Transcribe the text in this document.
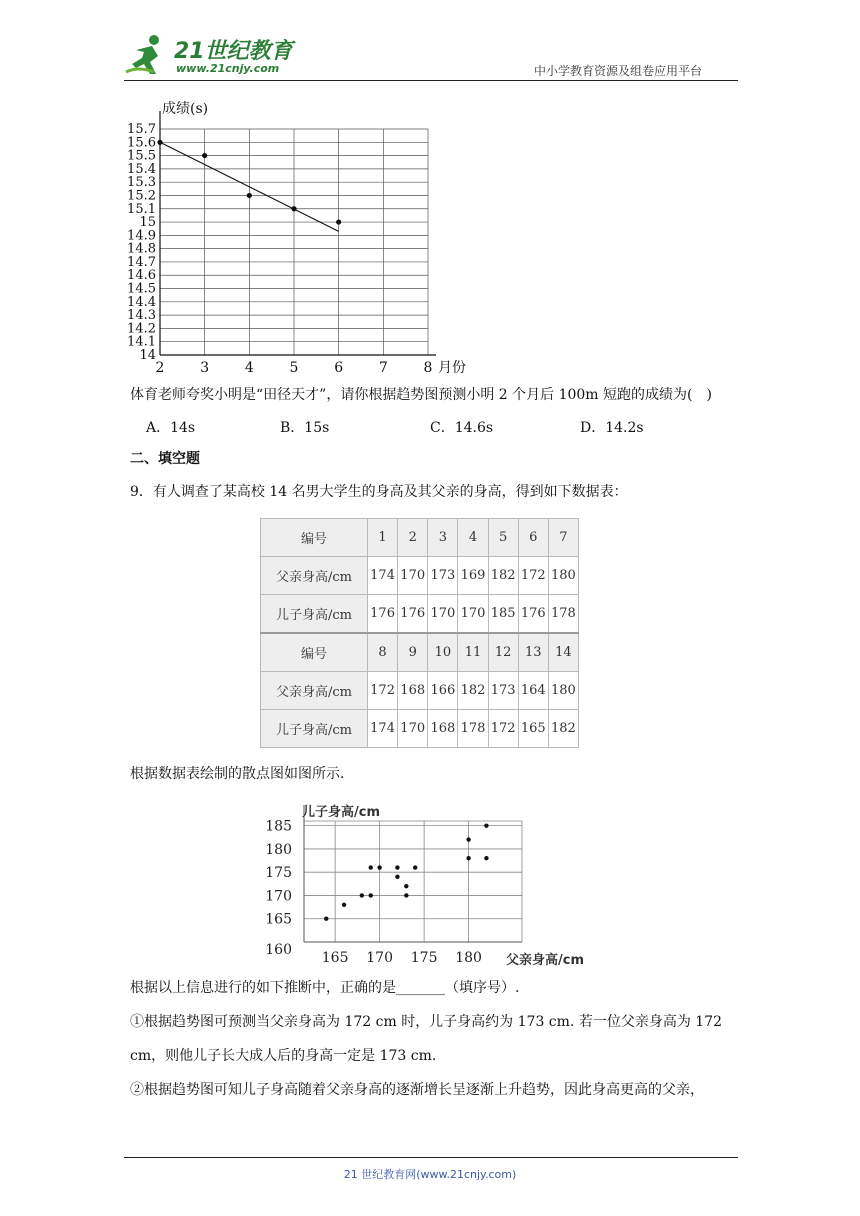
21世纪教育
www.21cnjy.com	中小学教育资源及组卷应用平台
2	3	4	5	6	7	8
15.7
15.6
15.5
15.4
15.3
15.2
15.1
15
14.9
14.8
14.7
14.6
14.5
14.4
14.3
14.2
14.1
14
成绩(s)
月份
体育老师夸奖小明是“田径天才”，请你根据趋势图预测小明 2 个月后 100m 短跑的成绩为(　)
A．14s	B．15s	C．14.6s	D．14.2s
二、填空题
9．有人调查了某高校 14 名男大学生的身高及其父亲的身高，得到如下数据表：
编号	1	2	3	4	5	6	7
父亲身高/cm	174	170	173	169	182	172	180
儿子身高/cm	176	176	170	170	185	176	178
编号	8	9	10	11	12	13	14
父亲身高/cm	172	168	166	182	173	164	180
儿子身高/cm	174	170	168	178	172	165	182
根据数据表绘制的散点图如图所示.
165 170 175 180
185
180
175
170
165
160
儿子身高/cm
父亲身高/cm
根据以上信息进行的如下推断中，正确的是_______（填序号）.
①根据趋势图可预测当父亲身高为 172 cm 时，儿子身高约为 173 cm. 若一位父亲身高为 172
cm，则他儿子长大成人后的身高一定是 173 cm.
②根据趋势图可知儿子身高随着父亲身高的逐渐增长呈逐渐上升趋势，因此身高更高的父亲，
21 世纪教育网(www.21cnjy.com)
